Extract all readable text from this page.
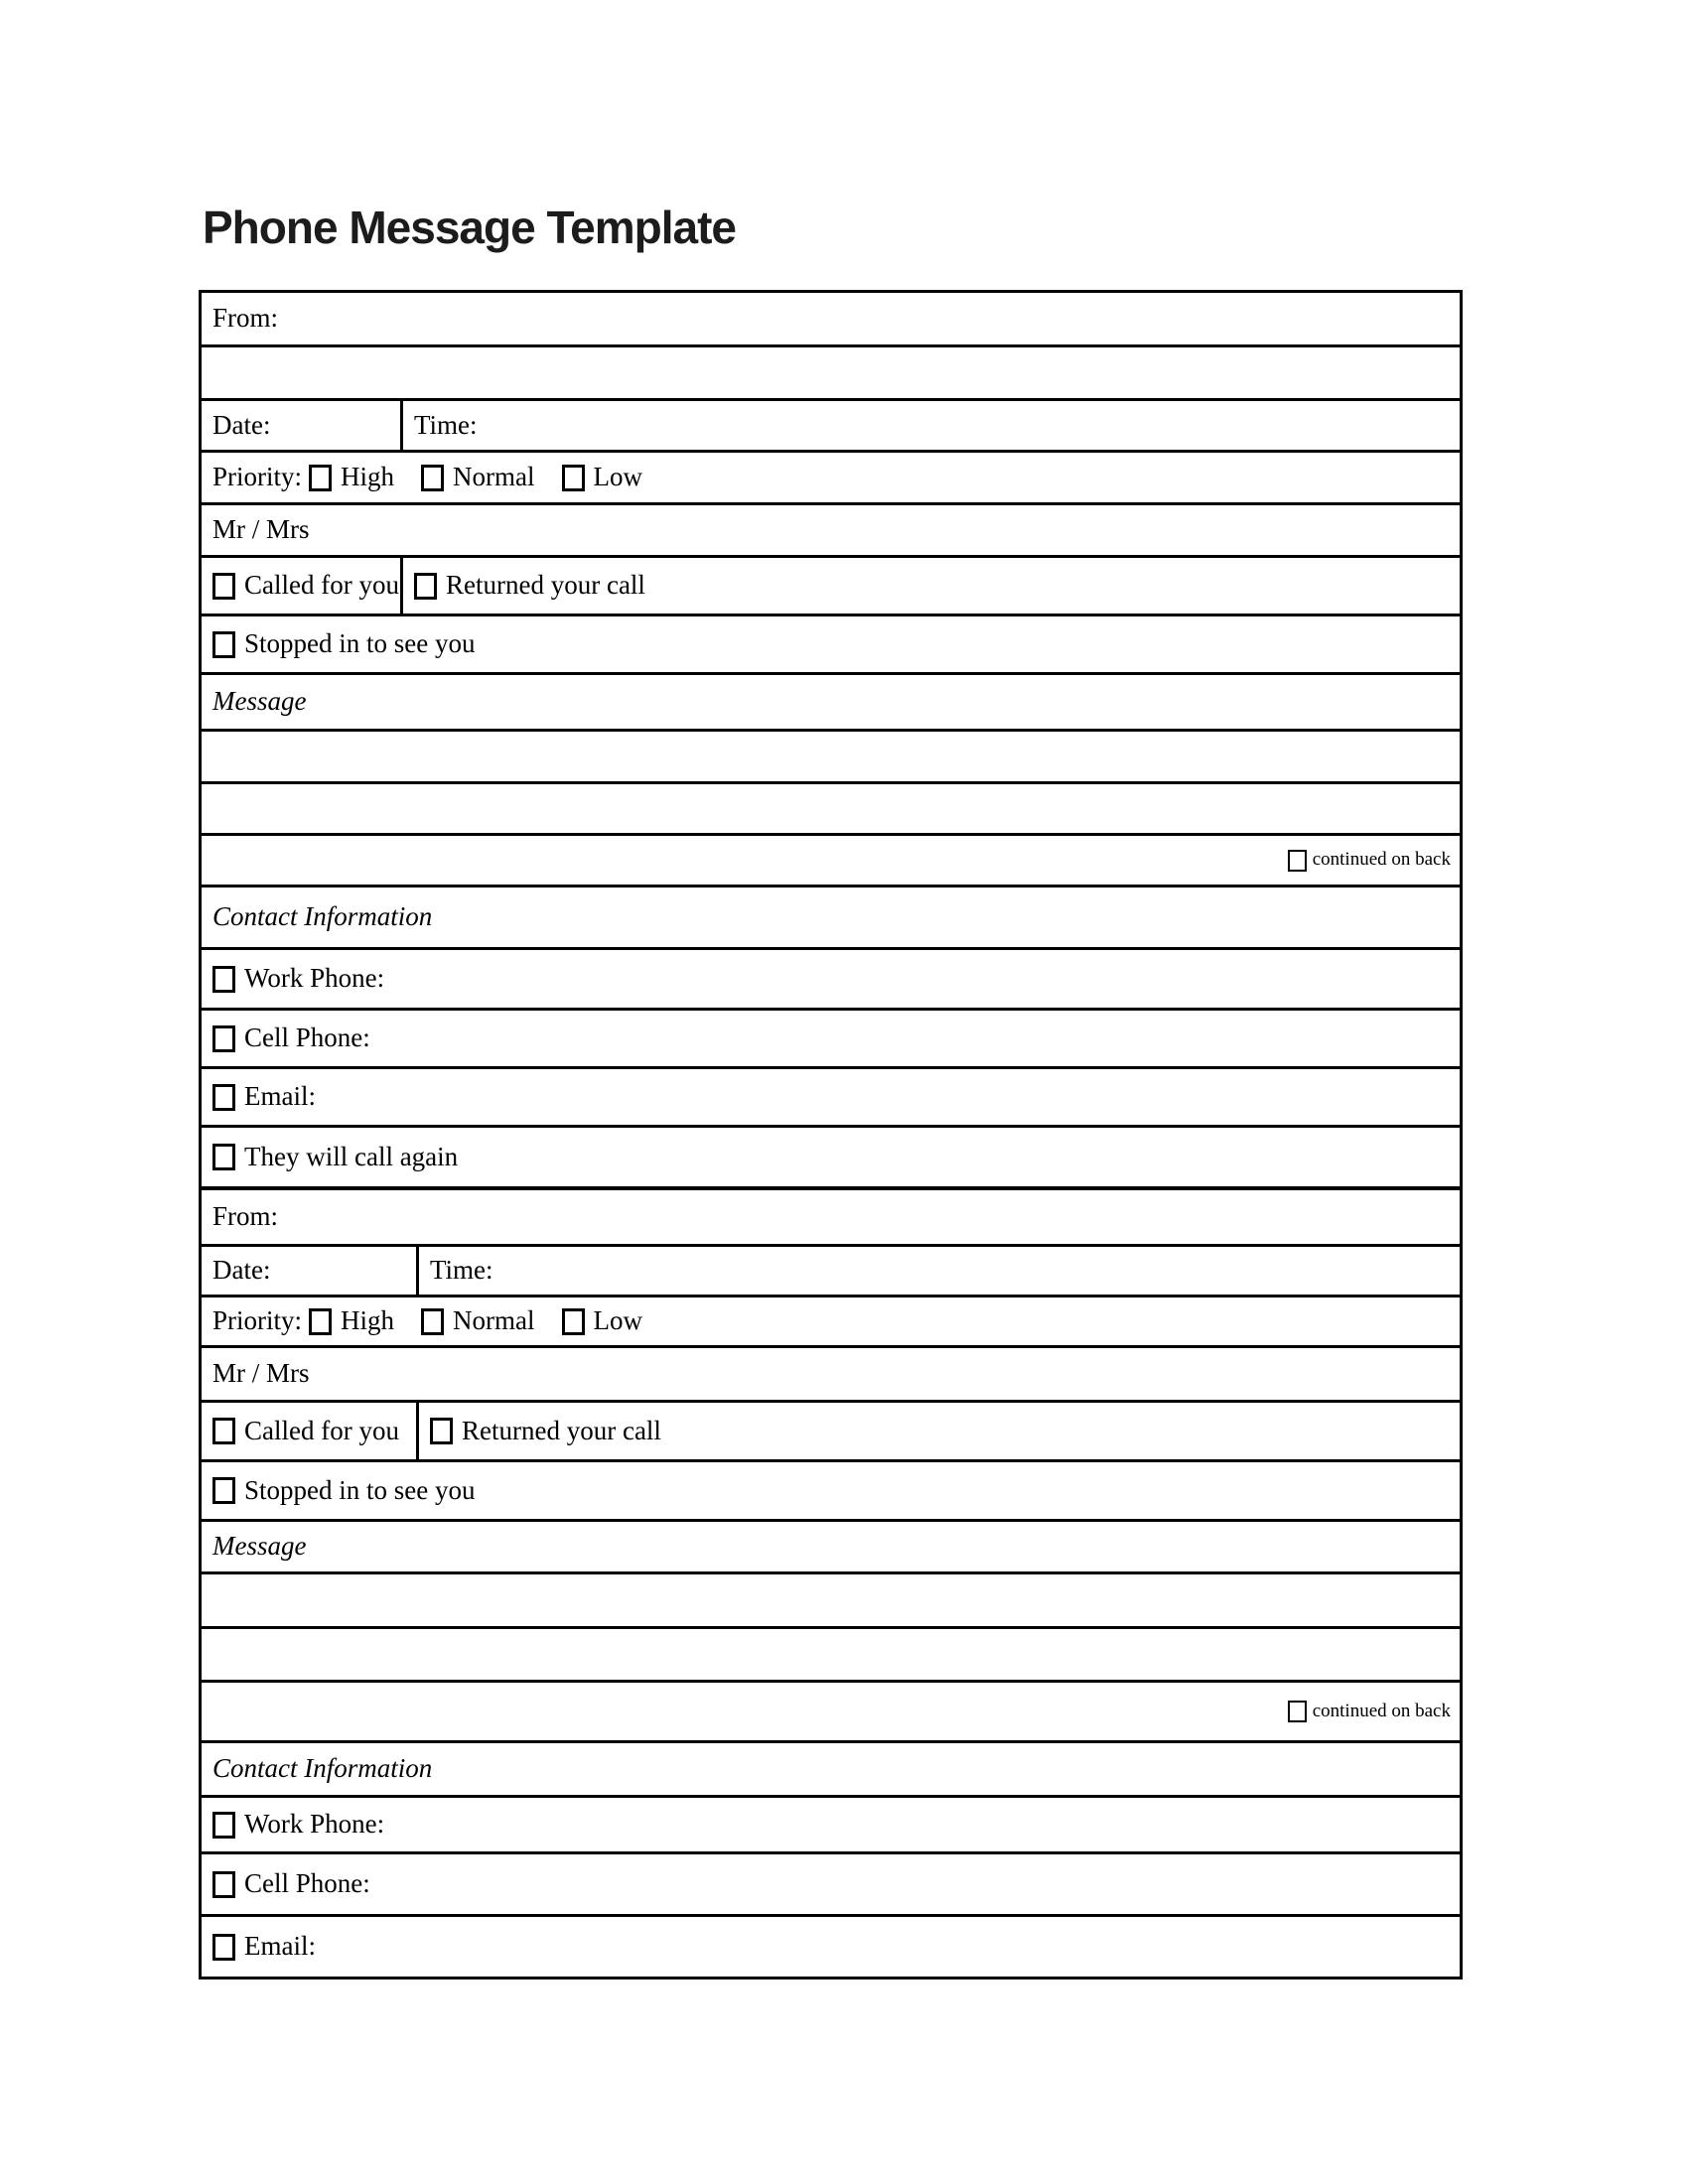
Phone Message Template
From:
Date:	Time:
Priority: High Normal Low
Mr / Mrs
Called for you Returned your call
Stopped in to see you
Message
continued on back
Contact Information
Work Phone:
Cell Phone:
Email:
They will call again
From:
Date:	Time:
Priority: High Normal Low
Mr / Mrs
Called for you Returned your call
Stopped in to see you
Message
continued on back
Contact Information
Work Phone:
Cell Phone:
Email:
